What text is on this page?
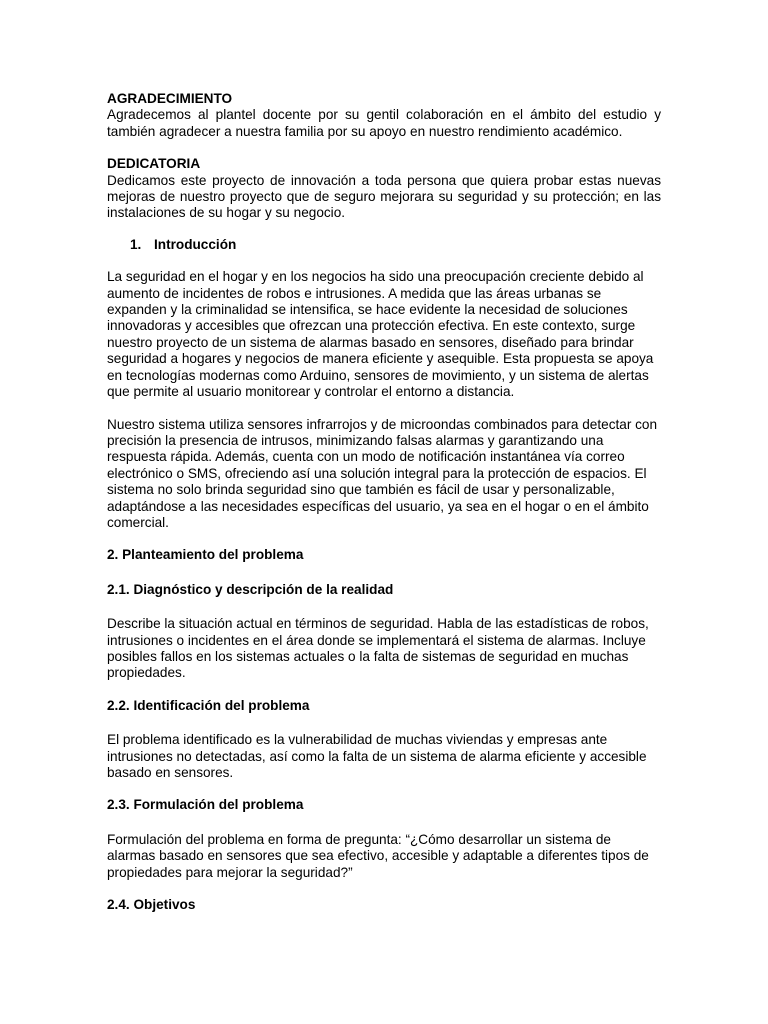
AGRADECIMIENTO

Agradecemos al plantel docente por su gentil colaboración en el ámbito del estudio y también agradecer a nuestra familia por su apoyo en nuestro rendimiento académico.

DEDICATORIA

Dedicamos este proyecto de innovación a toda persona que quiera probar estas nuevas mejoras de nuestro proyecto que de seguro mejorara su seguridad y su protección; en las instalaciones de su hogar y su negocio.

1. Introducción

La seguridad en el hogar y en los negocios ha sido una preocupación creciente debido al aumento de incidentes de robos e intrusiones. A medida que las áreas urbanas se expanden y la criminalidad se intensifica, se hace evidente la necesidad de soluciones innovadoras y accesibles que ofrezcan una protección efectiva. En este contexto, surge nuestro proyecto de un sistema de alarmas basado en sensores, diseñado para brindar seguridad a hogares y negocios de manera eficiente y asequible. Esta propuesta se apoya en tecnologías modernas como Arduino, sensores de movimiento, y un sistema de alertas que permite al usuario monitorear y controlar el entorno a distancia.

Nuestro sistema utiliza sensores infrarrojos y de microondas combinados para detectar con precisión la presencia de intrusos, minimizando falsas alarmas y garantizando una respuesta rápida. Además, cuenta con un modo de notificación instantánea vía correo electrónico o SMS, ofreciendo así una solución integral para la protección de espacios. El sistema no solo brinda seguridad sino que también es fácil de usar y personalizable, adaptándose a las necesidades específicas del usuario, ya sea en el hogar o en el ámbito comercial.

2. Planteamiento del problema

2.1. Diagnóstico y descripción de la realidad

Describe la situación actual en términos de seguridad. Habla de las estadísticas de robos, intrusiones o incidentes en el área donde se implementará el sistema de alarmas. Incluye posibles fallos en los sistemas actuales o la falta de sistemas de seguridad en muchas propiedades.

2.2. Identificación del problema

El problema identificado es la vulnerabilidad de muchas viviendas y empresas ante intrusiones no detectadas, así como la falta de un sistema de alarma eficiente y accesible basado en sensores.

2.3. Formulación del problema

Formulación del problema en forma de pregunta: “¿Cómo desarrollar un sistema de alarmas basado en sensores que sea efectivo, accesible y adaptable a diferentes tipos de propiedades para mejorar la seguridad?”

2.4. Objetivos
